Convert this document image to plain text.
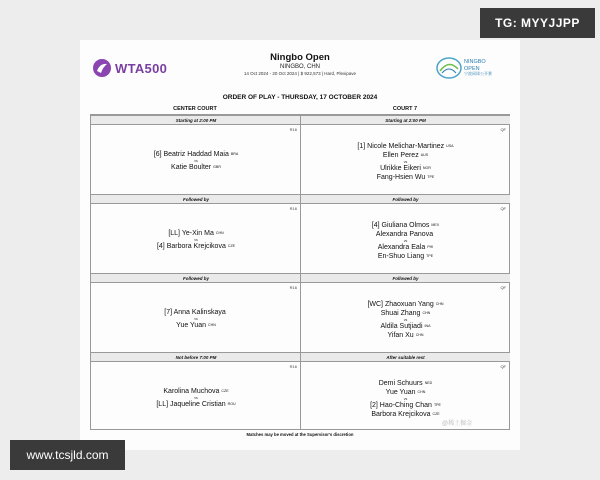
WTA500	NINGBO
OPEN
宁波网球公开赛
Ningbo Open
NINGBO, CHN
14 Oct 2024 - 20 Oct 2024 | $ 922,573 | Hard, Plexipave
ORDER OF PLAY - THURSDAY, 17 OCTOBER 2024
CENTER COURT	COURT 7
Starting at 2:00 PM
R16
[6] Beatriz Haddad Maia BRA
vs
Katie Boulter GBR
Followed by
R16
[LL] Ye-Xin Ma CHN
vs
[4] Barbora Krejcikova CZE
Followed by
R16
[7] Anna Kalinskaya
vs
Yue Yuan CHN
Not before 7:00 PM
R16
Karolina Muchova CZE
vs
[LL] Jaqueline Cristian ROU
Starting at 2:00 PM
QF
[1] Nicole Melichar-Martinez USA
Ellen Perez AUS
vs
Ulrikke Eikeri NOR
Fang-Hsien Wu TPE
Followed by
QF
[4] Giuliana Olmos MEX
Alexandra Panova
vs
Alexandra Eala PHI
En-Shuo Liang TPE
Followed by
QF
[WC] Zhaoxuan Yang CHN
Shuai Zhang CHN
vs
Aldila Sutjiadi INA
Yifan Xu CHN
After suitable rest
QF
Demi Schuurs NED
Yue Yuan CHN
vs
[2] Hao-Ching Chan TPE
Barbora Krejcikova CZE
Matches may be moved at the Supervisor's discretion
TG: MYYJJPP
www.tcsjld.com
@稀土掘金
